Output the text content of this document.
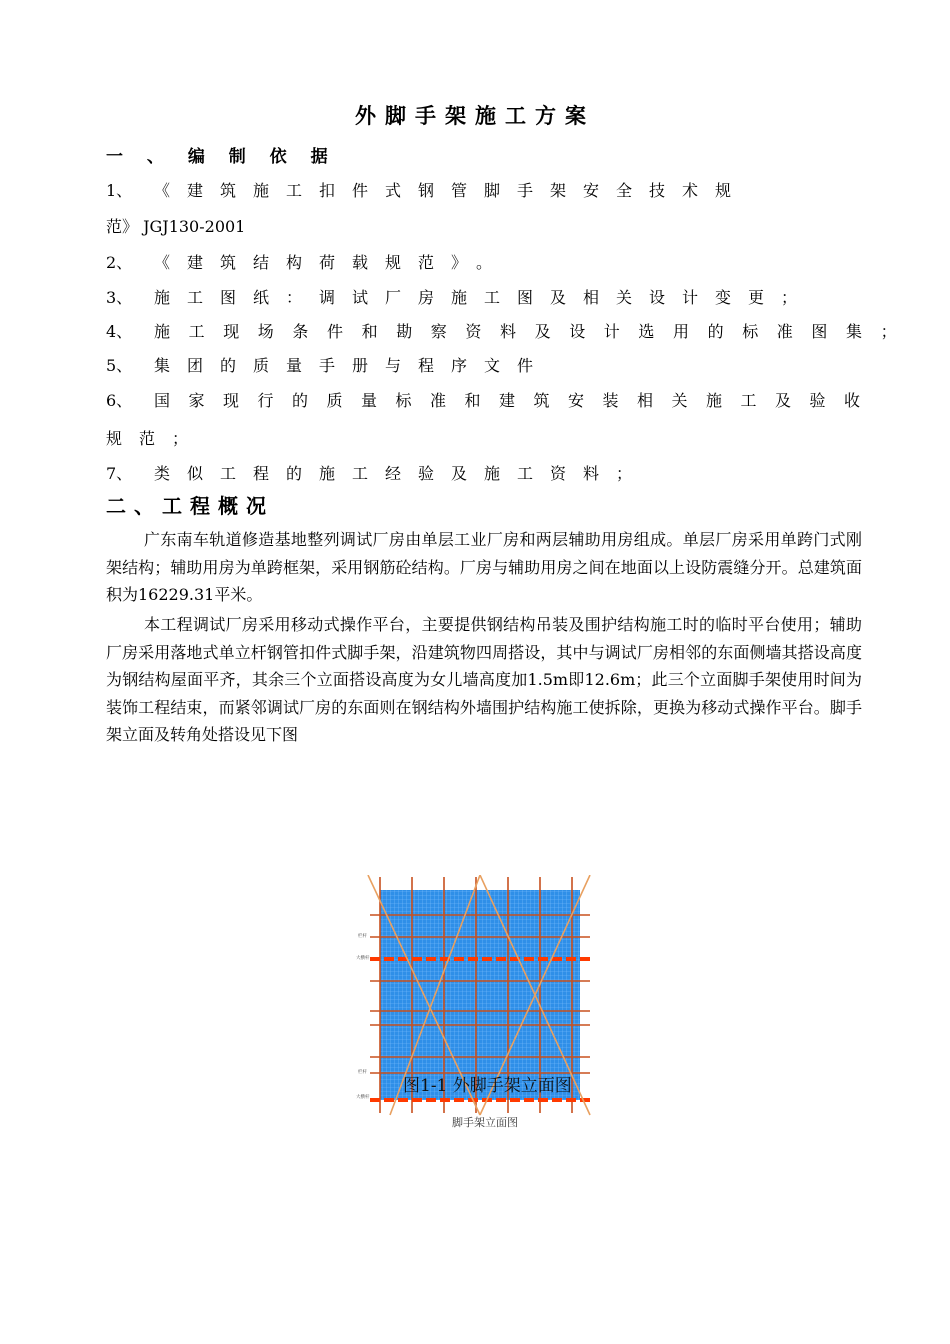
外脚手架施工方案
一 、 编 制 依 据
1、 《建筑施工扣件式钢管脚手架安全技术规
范》 JGJ130-2001
2、 《建筑结构荷载规范》。
3、 施工图纸：调试厂房施工图及相关设计变更；
4、 施工现场条件和勘察资料及设计选用的标准图集；
5、 集团的质量手册与程序文件
6、 国家现行的质量标准和建筑安装相关施工及验收
规范；
7、 类似工程的施工经验及施工资料；
二、工程概况
广东南车轨道修造基地整列调试厂房由单层工业厂房和两层辅助用房组成。单层厂房采用单跨门式刚架结构；辅助用房为单跨框架，采用钢筋砼结构。厂房与辅助用房之间在地面以上设防震缝分开。总建筑面积为16229.31平米。
本工程调试厂房采用移动式操作平台，主要提供钢结构吊装及围护结构施工时的临时平台使用；辅助厂房采用落地式单立杆钢管扣件式脚手架，沿建筑物四周搭设，其中与调试厂房相邻的东面侧墙其搭设高度为钢结构屋面平齐，其余三个立面搭设高度为女儿墙高度加1.5m即12.6m；此三个立面脚手架使用时间为装饰工程结束，而紧邻调试厂房的东面则在钢结构外墙围护结构施工使拆除，更换为移动式操作平台。脚手架立面及转角处搭设见下图
栏杆
大横杆
栏杆
大横杆
图1-1 外脚手架立面图
脚手架立面图
